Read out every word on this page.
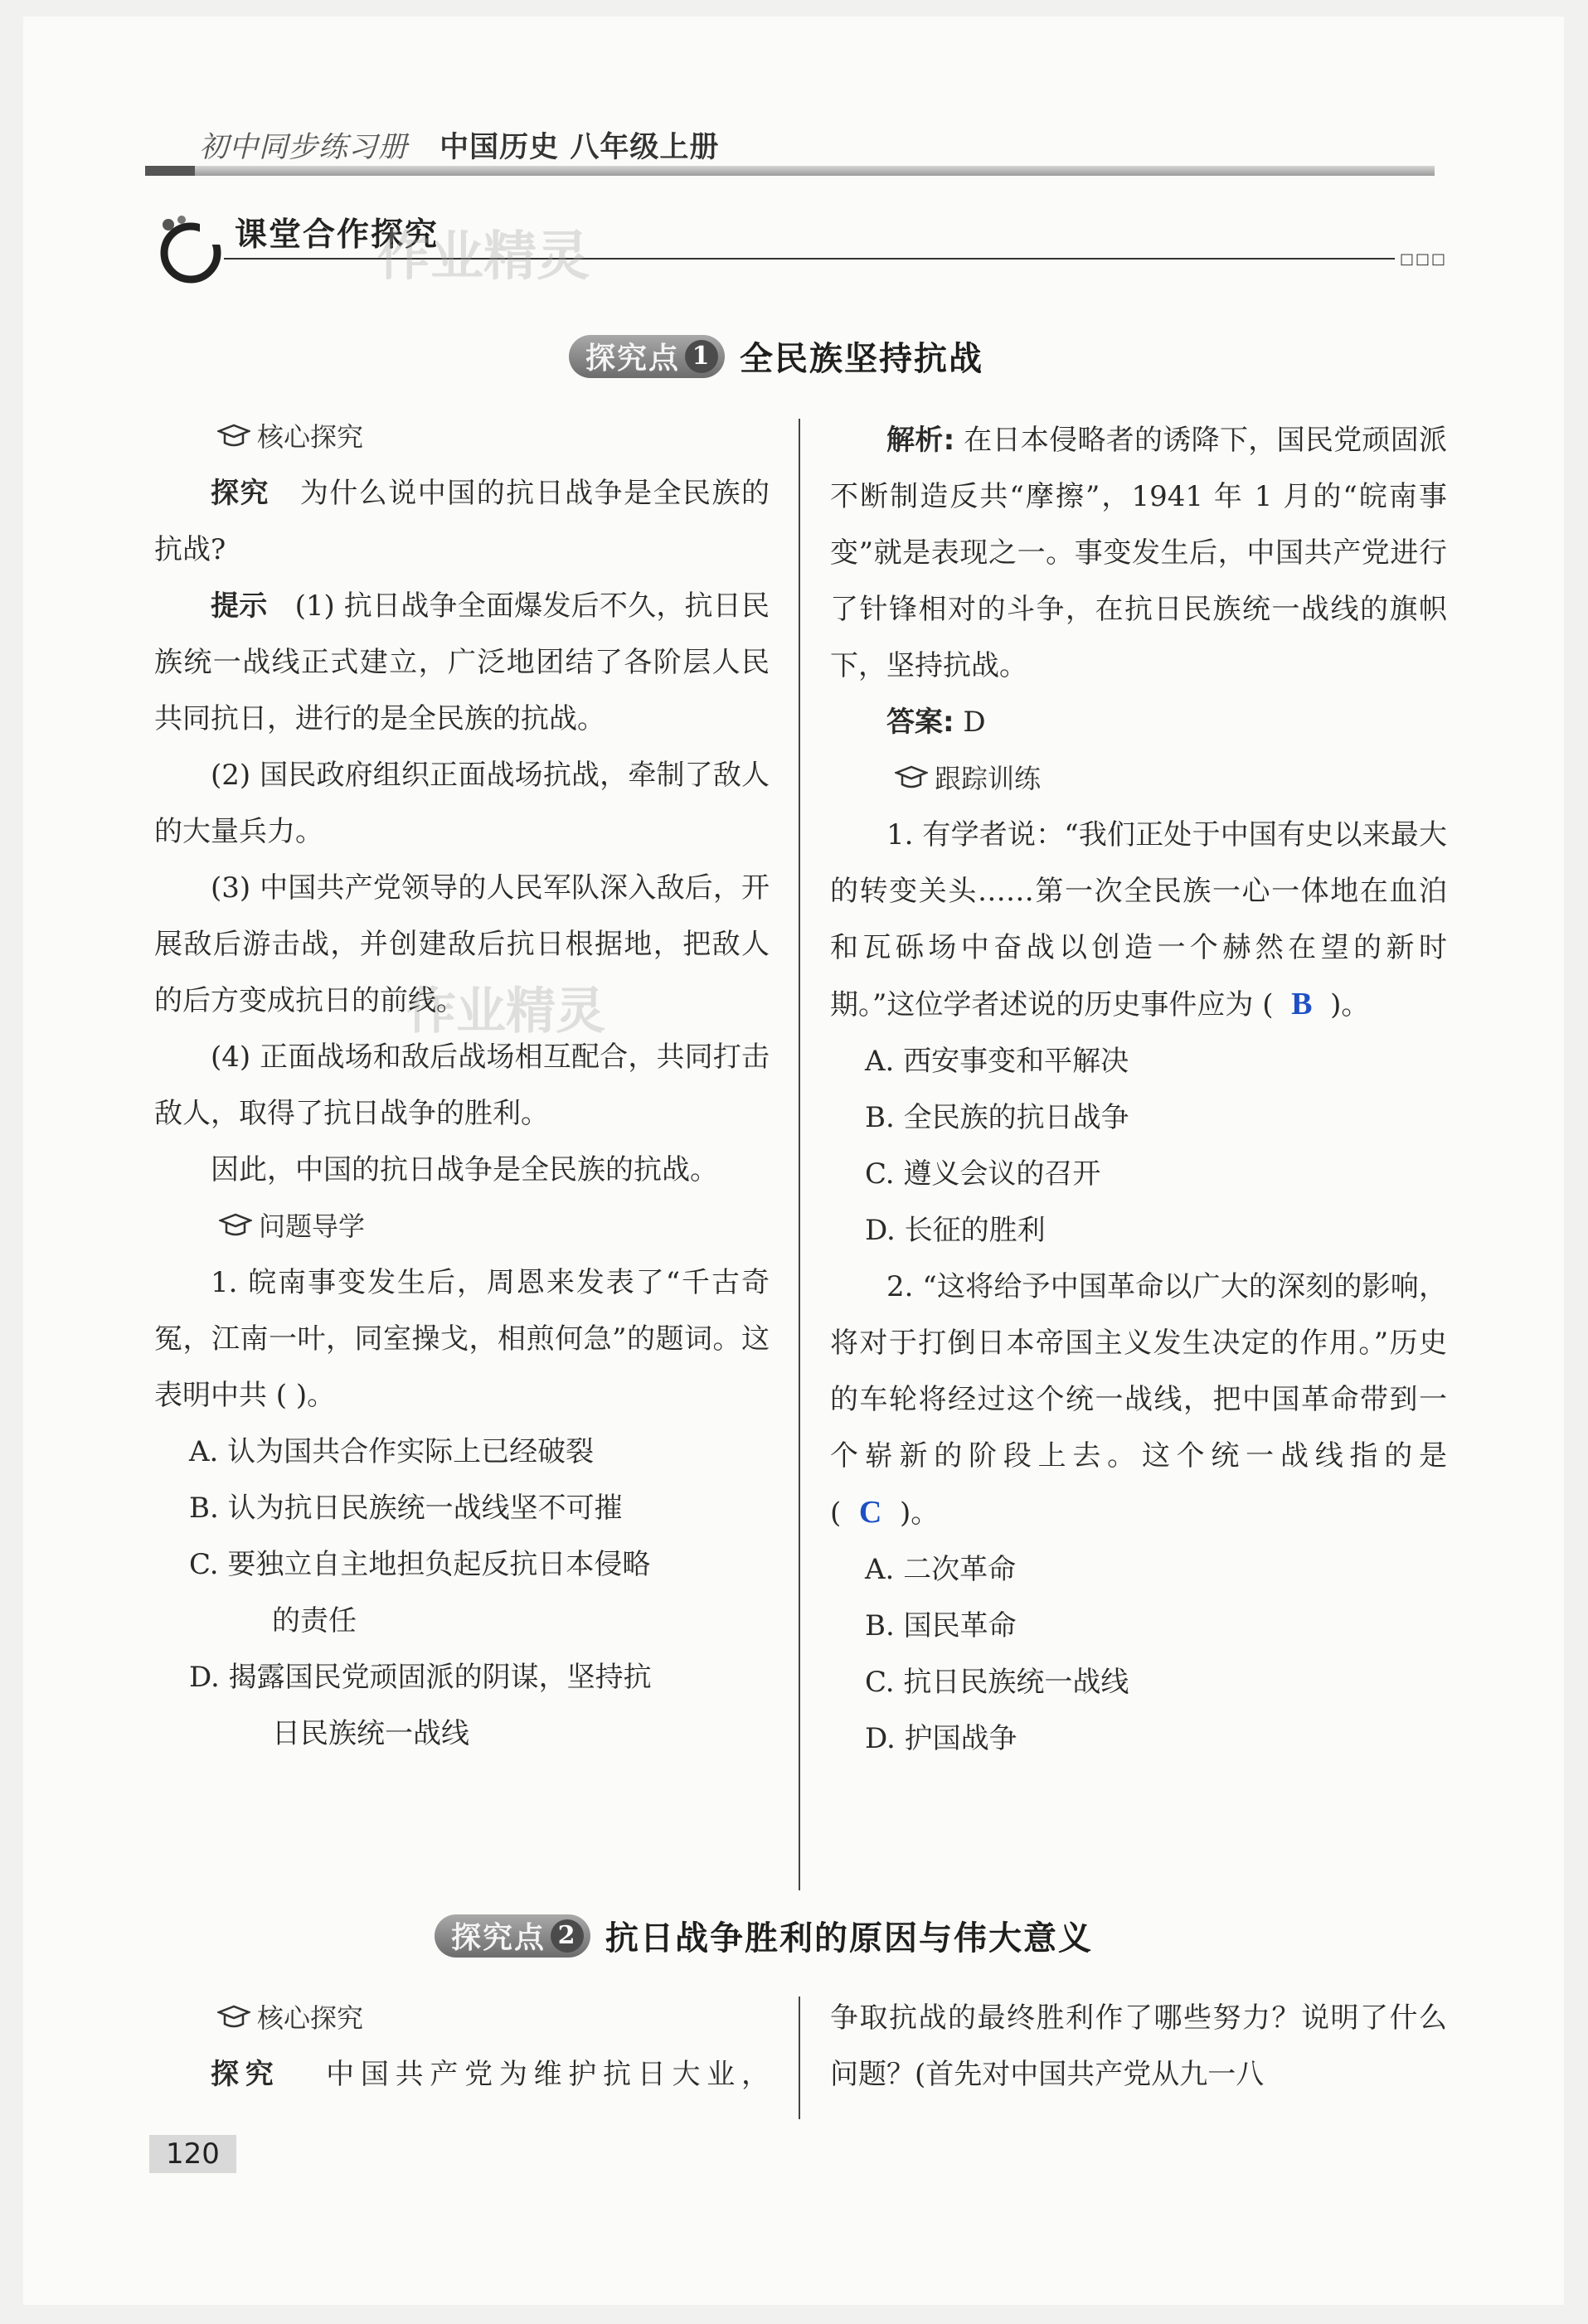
初中同步练习册 中国历史 八年级上册
课堂合作探究
□□□
作业精灵
作业精灵
探究点 1 全民族坚持抗战
核心探究

探究 为什么说中国的抗日战争是全民族的抗战?

提示 (1) 抗日战争全面爆发后不久，抗日民族统一战线正式建立，广泛地团结了各阶层人民共同抗日，进行的是全民族的抗战。

(2) 国民政府组织正面战场抗战，牵制了敌人的大量兵力。

(3) 中国共产党领导的人民军队深入敌后，开展敌后游击战，并创建敌后抗日根据地，把敌人的后方变成抗日的前线。

(4) 正面战场和敌后战场相互配合，共同打击敌人，取得了抗日战争的胜利。

因此，中国的抗日战争是全民族的抗战。

问题导学

1. 皖南事变发生后，周恩来发表了“千古奇冤，江南一叶，同室操戈，相煎何急”的题词。这表明中共 ( )。

A. 认为国共合作实际上已经破裂

B. 认为抗日民族统一战线坚不可摧

C. 要独立自主地担负起反抗日本侵略

的责任

D. 揭露国民党顽固派的阴谋，坚持抗

日民族统一战线

解析: 在日本侵略者的诱降下，国民党顽固派不断制造反共“摩擦”，1941 年 1 月的“皖南事变”就是表现之一。事变发生后，中国共产党进行了针锋相对的斗争，在抗日民族统一战线的旗帜下，坚持抗战。

答案: D

跟踪训练

1. 有学者说：“我们正处于中国有史以来最大的转变关头……第一次全民族一心一体地在血泊和瓦砾场中奋战以创造一个赫然在望的新时期。”这位学者述说的历史事件应为 ( B )。

A. 西安事变和平解决

B. 全民族的抗日战争

C. 遵义会议的召开

D. 长征的胜利

2. “这将给予中国革命以广大的深刻的影响，将对于打倒日本帝国主义发生决定的作用。”历史的车轮将经过这个统一战线，把中国革命带到一个崭新的阶段上去。这个统一战线指的是 ( C )。

A. 二次革命

B. 国民革命

C. 抗日民族统一战线

D. 护国战争

探究点 2 抗日战争胜利的原因与伟大意义
核心探究

探究 中国共产党为维护抗日大业，

争取抗战的最终胜利作了哪些努力？说明了什么问题？(首先对中国共产党从九一八

120
